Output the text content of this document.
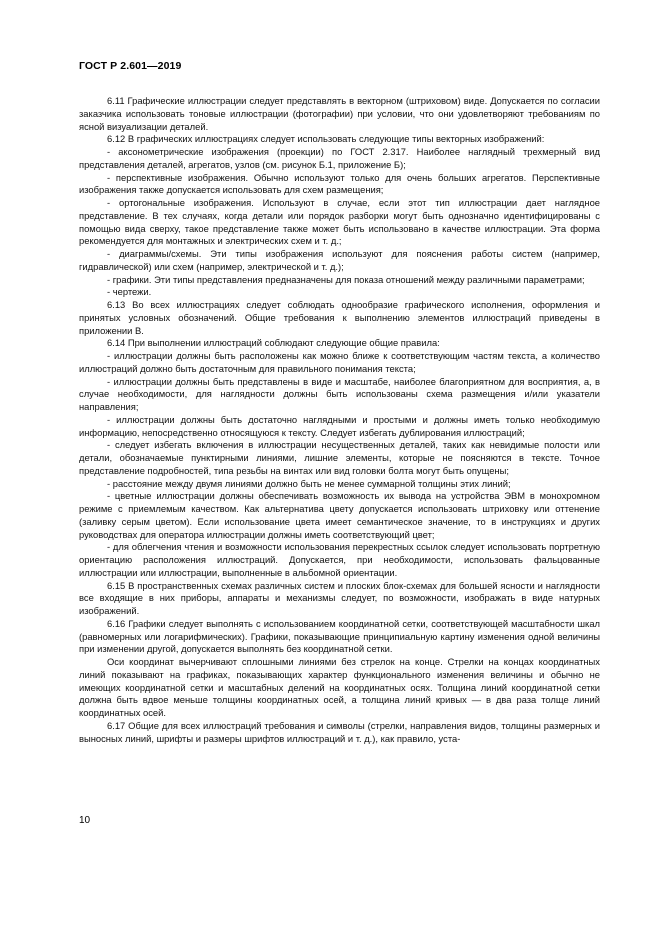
ГОСТ Р 2.601—2019

6.11 Графические иллюстрации следует представлять в векторном (штриховом) виде. Допускается по согласии заказчика использовать тоновые иллюстрации (фотографии) при условии, что они удовлетворяют требованиям по ясной визуализации деталей.

6.12 В графических иллюстрациях следует использовать следующие типы векторных изображений:

- аксонометрические изображения (проекции) по ГОСТ 2.317. Наиболее наглядный трехмерный вид представления деталей, агрегатов, узлов (см. рисунок Б.1, приложение Б);

- перспективные изображения. Обычно используют только для очень больших агрегатов. Перспективные изображения также допускается использовать для схем размещения;

- ортогональные изображения. Используют в случае, если этот тип иллюстрации дает наглядное представление. В тех случаях, когда детали или порядок разборки могут быть однозначно идентифицированы с помощью вида сверху, такое представление также может быть использовано в качестве иллюстрации. Эта форма рекомендуется для монтажных и электрических схем и т. д.;

- диаграммы/схемы. Эти типы изображения используют для пояснения работы систем (например, гидравлической) или схем (например, электрической и т. д.);

- графики. Эти типы представления предназначены для показа отношений между различными параметрами;

- чертежи.

6.13 Во всех иллюстрациях следует соблюдать однообразие графического исполнения, оформления и принятых условных обозначений. Общие требования к выполнению элементов иллюстраций приведены в приложении В.

6.14 При выполнении иллюстраций соблюдают следующие общие правила:

- иллюстрации должны быть расположены как можно ближе к соответствующим частям текста, а количество иллюстраций должно быть достаточным для правильного понимания текста;

- иллюстрации должны быть представлены в виде и масштабе, наиболее благоприятном для восприятия, а, в случае необходимости, для наглядности должны быть использованы схема размещения и/или указатели направления;

- иллюстрации должны быть достаточно наглядными и простыми и должны иметь только необходимую информацию, непосредственно относящуюся к тексту. Следует избегать дублирования иллюстраций;

- следует избегать включения в иллюстрации несущественных деталей, таких как невидимые полости или детали, обозначаемые пунктирными линиями, лишние элементы, которые не поясняются в тексте. Точное представление подробностей, типа резьбы на винтах или вид головки болта могут быть опущены;

- расстояние между двумя линиями должно быть не менее суммарной толщины этих линий;

- цветные иллюстрации должны обеспечивать возможность их вывода на устройства ЭВМ в монохромном режиме с приемлемым качеством. Как альтернатива цвету допускается использовать штриховку или оттенение (заливку серым цветом). Если использование цвета имеет семантическое значение, то в инструкциях и других руководствах для оператора иллюстрации должны иметь соответствующий цвет;

- для облегчения чтения и возможности использования перекрестных ссылок следует использовать портретную ориентацию расположения иллюстраций. Допускается, при необходимости, использовать фальцованные иллюстрации или иллюстрации, выполненные в альбомной ориентации.

6.15 В пространственных схемах различных систем и плоских блок-схемах для большей ясности и наглядности все входящие в них приборы, аппараты и механизмы следует, по возможности, изображать в виде натурных изображений.

6.16 Графики следует выполнять с использованием координатной сетки, соответствующей масштабности шкал (равномерных или логарифмических). Графики, показывающие принципиальную картину изменения одной величины при изменении другой, допускается выполнять без координатной сетки.

Оси координат вычерчивают сплошными линиями без стрелок на конце. Стрелки на концах координатных линий показывают на графиках, показывающих характер функционального изменения величины и обычно не имеющих координатной сетки и масштабных делений на координатных осях. Толщина линий координатной сетки должна быть вдвое меньше толщины координатных осей, а толщина линий кривых — в два раза толще линий координатных осей.

6.17 Общие для всех иллюстраций требования и символы (стрелки, направления видов, толщины размерных и выносных линий, шрифты и размеры шрифтов иллюстраций и т. д.), как правило, уста-

10
